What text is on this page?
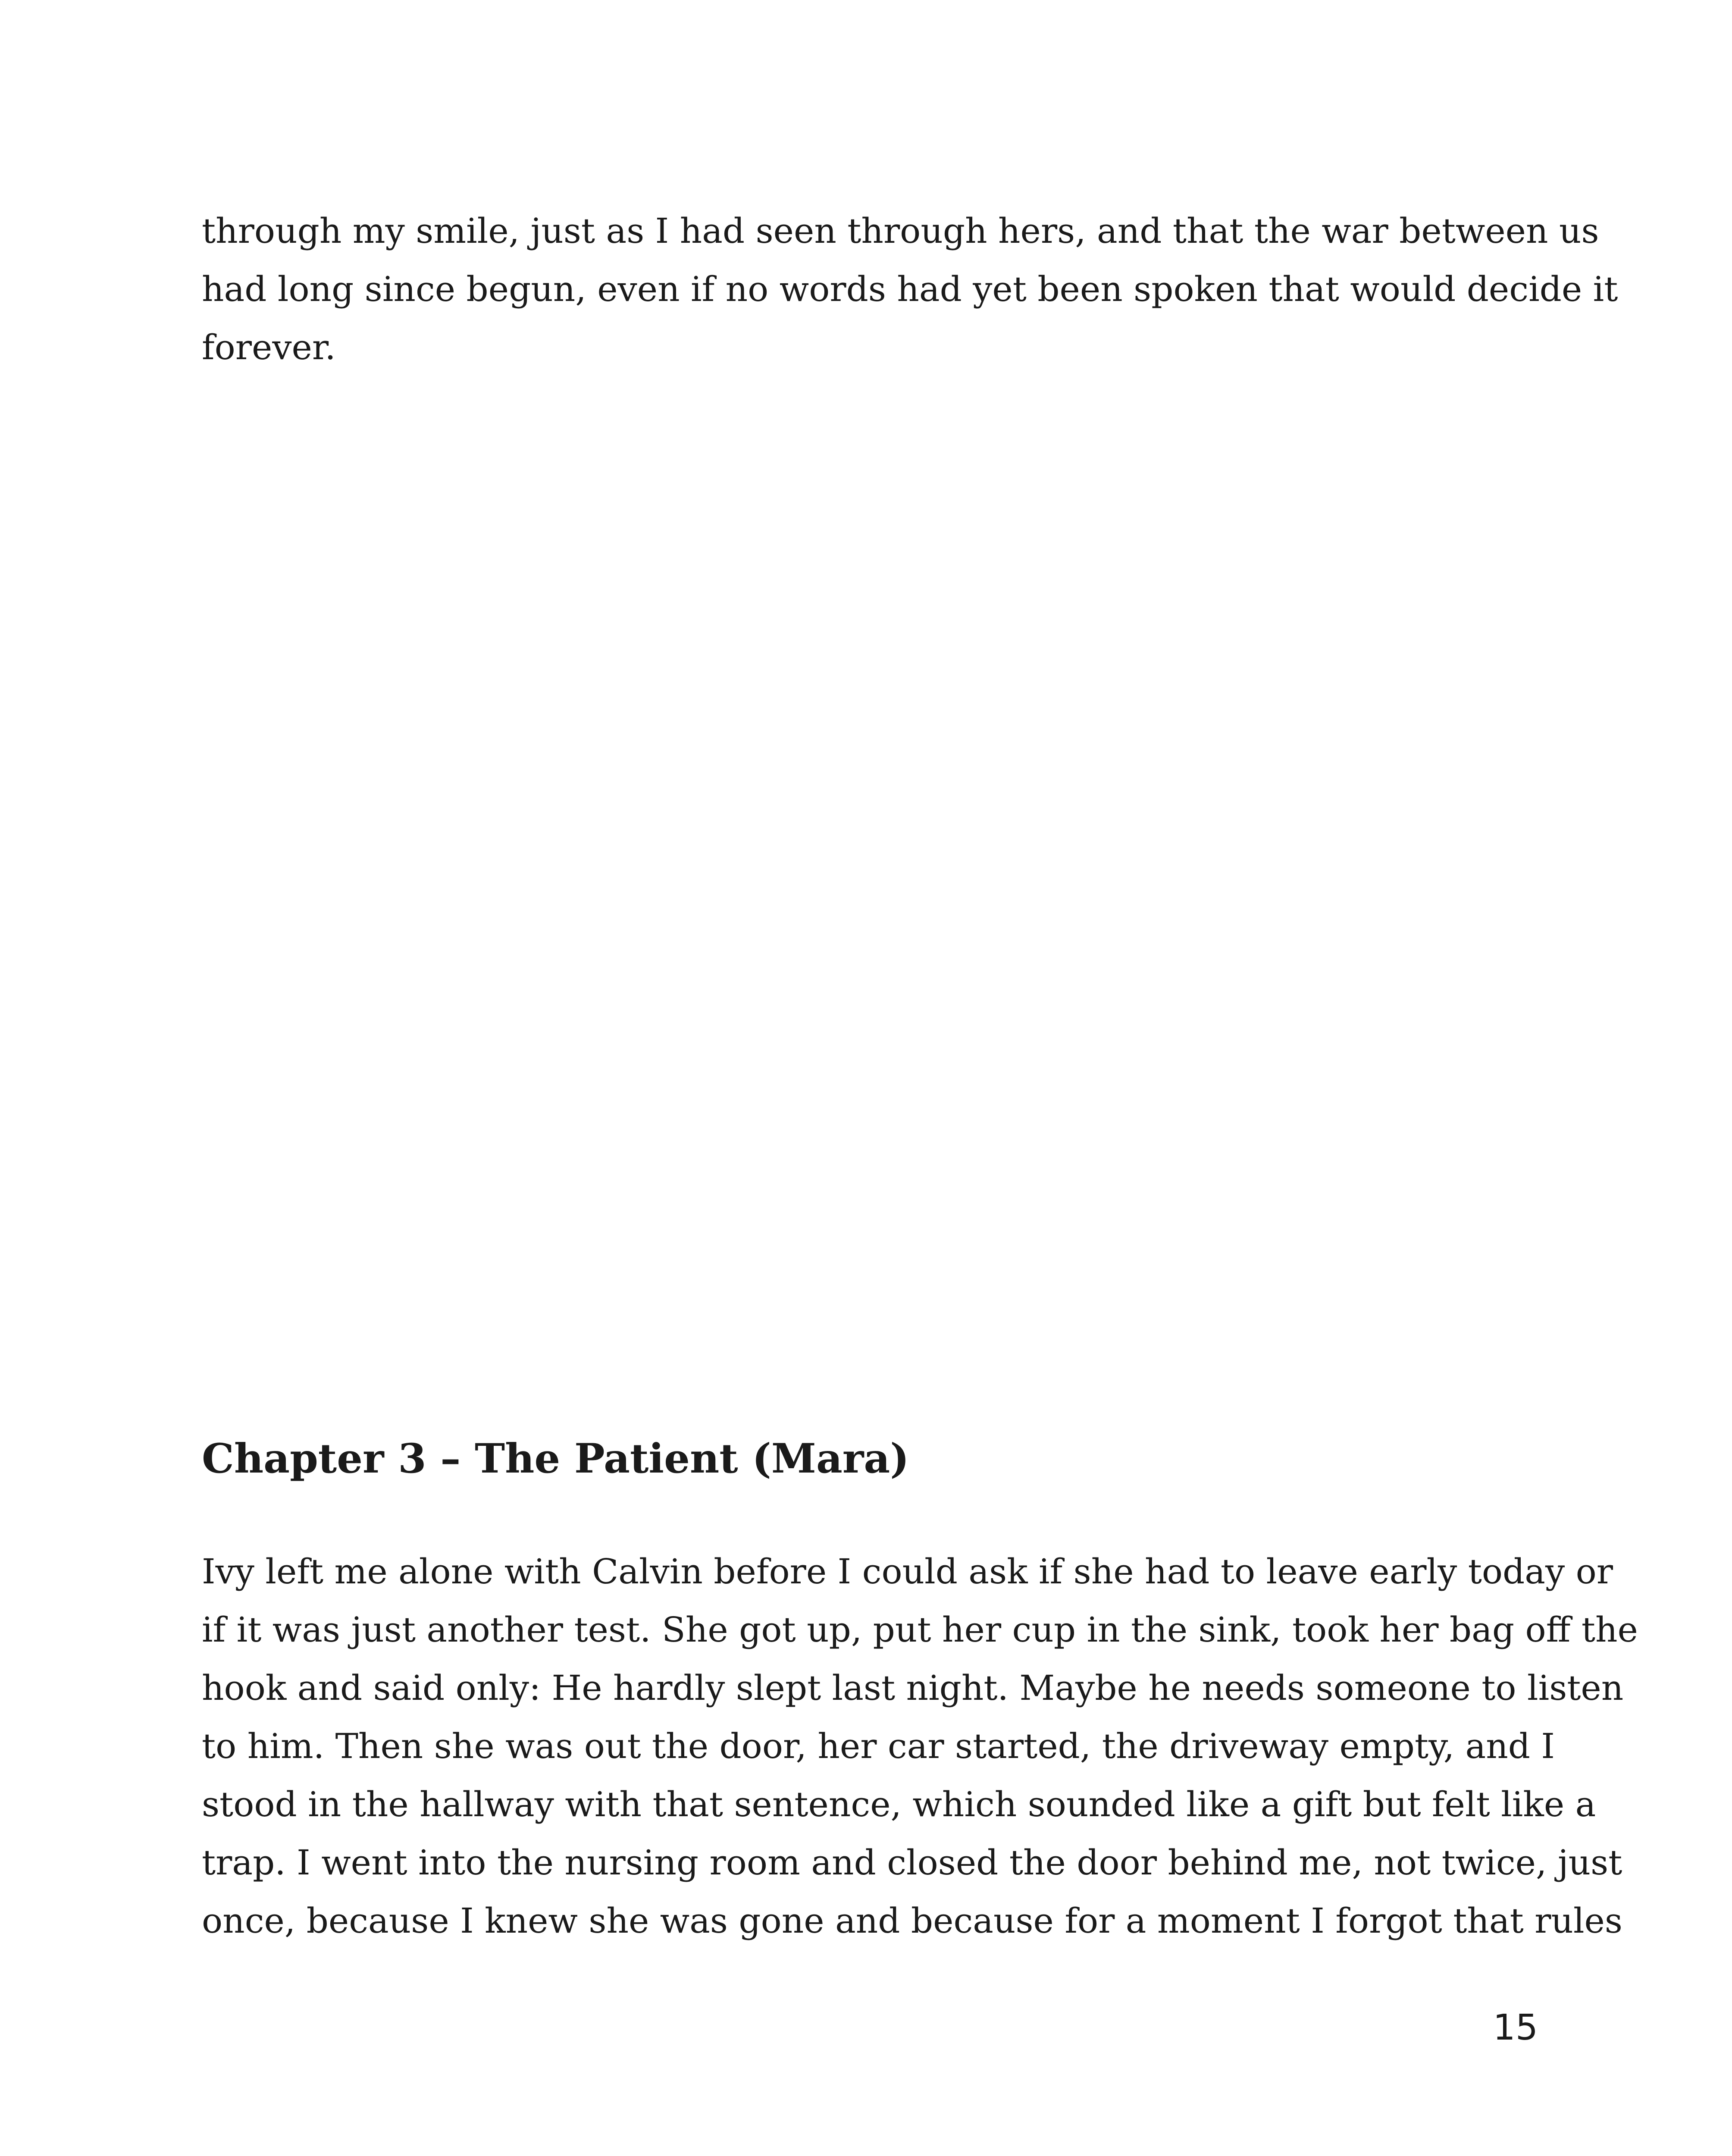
through my smile, just as I had seen through hers, and that the war between us
had long since begun, even if no words had yet been spoken that would decide it
forever.

Chapter 3 – The Patient (Mara)

Ivy left me alone with Calvin before I could ask if she had to leave early today or
if it was just another test. She got up, put her cup in the sink, took her bag off the
hook and said only: He hardly slept last night. Maybe he needs someone to listen
to him. Then she was out the door, her car started, the driveway empty, and I
stood in the hallway with that sentence, which sounded like a gift but felt like a
trap. I went into the nursing room and closed the door behind me, not twice, just
once, because I knew she was gone and because for a moment I forgot that rules

15
